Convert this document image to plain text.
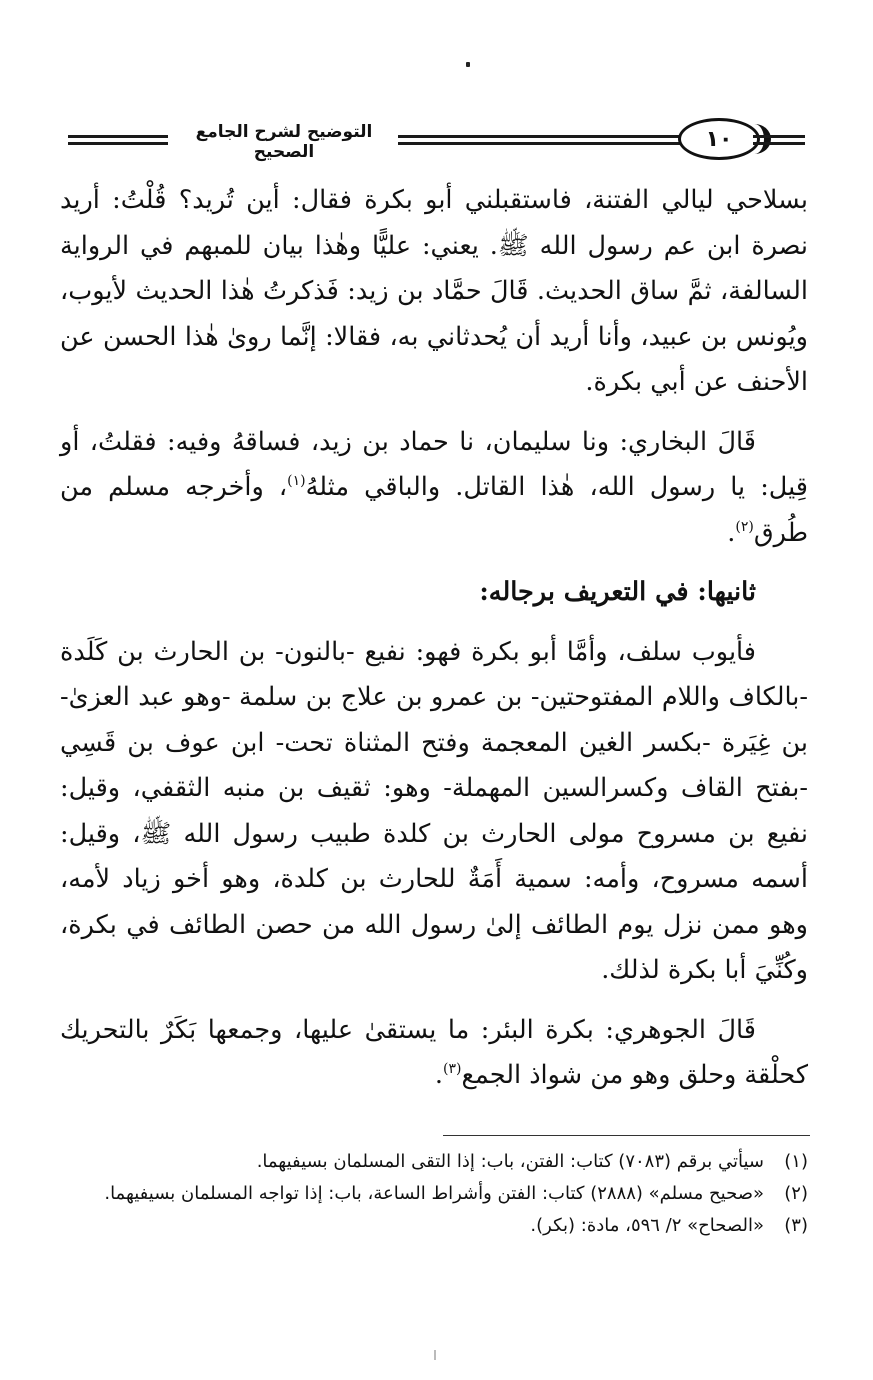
التوضيح لشرح الجامع الصحيح
١٠

بسلاحي ليالي الفتنة، فاستقبلني أبو بكرة فقال: أين تُريد؟ قُلْتُ: أريد نصرة ابن عم رسول الله ﷺ. يعني: عليًّا وهٰذا بيان للمبهم في الرواية السالفة، ثمَّ ساق الحديث. قَالَ حمَّاد بن زيد: فَذكرتُ هٰذا الحديث لأيوب، ويُونس بن عبيد، وأنا أريد أن يُحدثاني به، فقالا: إنَّما روىٰ هٰذا الحسن عن الأحنف عن أبي بكرة.

قَالَ البخاري: ونا سليمان، نا حماد بن زيد، فساقهُ وفيه: فقلتُ، أو قِيل: يا رسول الله، هٰذا القاتل. والباقي مثلهُ$^{(١)}$، وأخرجه مسلم من طُرق$^{(٢)}$.

ثانيها: في التعريف برجاله:

فأيوب سلف، وأمَّا أبو بكرة فهو: نفيع -بالنون- بن الحارث بن كَلَدة -بالكاف واللام المفتوحتين- بن عمرو بن علاج بن سلمة -وهو عبد العزىٰ- بن غِيَرة -بكسر الغين المعجمة وفتح المثناة تحت- ابن عوف بن قَسِي -بفتح القاف وكسرالسين المهملة- وهو: ثقيف بن منبه الثقفي، وقيل: نفيع بن مسروح مولى الحارث بن كلدة طبيب رسول الله ﷺ، وقيل: أسمه مسروح، وأمه: سمية أَمَةٌ للحارث بن كلدة، وهو أخو زياد لأمه، وهو ممن نزل يوم الطائف إلىٰ رسول الله من حصن الطائف في بكرة، وكُنِّيَ أبا بكرة لذلك.

قَالَ الجوهري: بكرة البئر: ما يستقىٰ عليها، وجمعها بَكَرٌ بالتحريك كحلْقة وحلق وهو من شواذ الجمع$^{(٣)}$.

(١)
سيأتي برقم (٧٠٨٣) كتاب: الفتن، باب: إذا التقى المسلمان بسيفيهما.
(٢)
«صحيح مسلم» (٢٨٨٨) كتاب: الفتن وأشراط الساعة، باب: إذا تواجه المسلمان بسيفيهما.
(٣)
«الصحاح» ٢/ ٥٩٦، مادة: (بكر).
